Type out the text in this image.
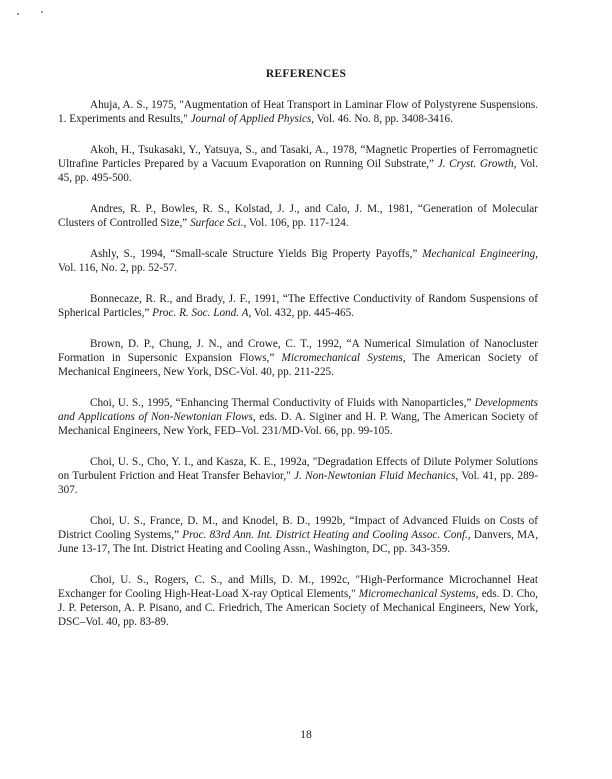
REFERENCES

Ahuja, A. S., 1975, "Augmentation of Heat Transport in Laminar Flow of Polystyrene Suspensions. 1. Experiments and Results," Journal of Applied Physics, Vol. 46. No. 8, pp. 3408-3416.

Akoh, H., Tsukasaki, Y., Yatsuya, S., and Tasaki, A., 1978, “Magnetic Properties of Ferromagnetic Ultrafine Particles Prepared by a Vacuum Evaporation on Running Oil Substrate,” J. Cryst. Growth, Vol. 45, pp. 495-500.

Andres, R. P., Bowles, R. S., Kolstad, J. J., and Calo, J. M., 1981, “Generation of Molecular Clusters of Controlled Size,” Surface Sci., Vol. 106, pp. 117-124.

Ashly, S., 1994, “Small-scale Structure Yields Big Property Payoffs,” Mechanical Engineering, Vol. 116, No. 2, pp. 52-57.

Bonnecaze, R. R., and Brady, J. F., 1991, “The Effective Conductivity of Random Suspensions of Spherical Particles,” Proc. R. Soc. Lond. A, Vol. 432, pp. 445-465.

Brown, D. P., Chung, J. N., and Crowe, C. T., 1992, “A Numerical Simulation of Nanocluster Formation in Supersonic Expansion Flows,” Micromechanical Systems, The American Society of Mechanical Engineers, New York, DSC-Vol. 40, pp. 211-225.

Choi, U. S., 1995, “Enhancing Thermal Conductivity of Fluids with Nanoparticles,” Developments and Applications of Non-Newtonian Flows, eds. D. A. Siginer and H. P. Wang, The American Society of Mechanical Engineers, New York, FED–Vol. 231/MD-Vol. 66, pp. 99-105.

Choi, U. S., Cho, Y. I., and Kasza, K. E., 1992a, "Degradation Effects of Dilute Polymer Solutions on Turbulent Friction and Heat Transfer Behavior," J. Non-Newtonian Fluid Mechanics, Vol. 41, pp. 289-307.

Choi, U. S., France, D. M., and Knodel, B. D., 1992b, “Impact of Advanced Fluids on Costs of District Cooling Systems,” Proc. 83rd Ann. Int. District Heating and Cooling Assoc. Conf., Danvers, MA, June 13-17, The Int. District Heating and Cooling Assn., Washington, DC, pp. 343-359.

Choi, U. S., Rogers, C. S., and Mills, D. M., 1992c, "High-Performance Microchannel Heat Exchanger for Cooling High-Heat-Load X-ray Optical Elements," Micromechanical Systems, eds. D. Cho, J. P. Peterson, A. P. Pisano, and C. Friedrich, The American Society of Mechanical Engineers, New York, DSC–Vol. 40, pp. 83-89.

18
